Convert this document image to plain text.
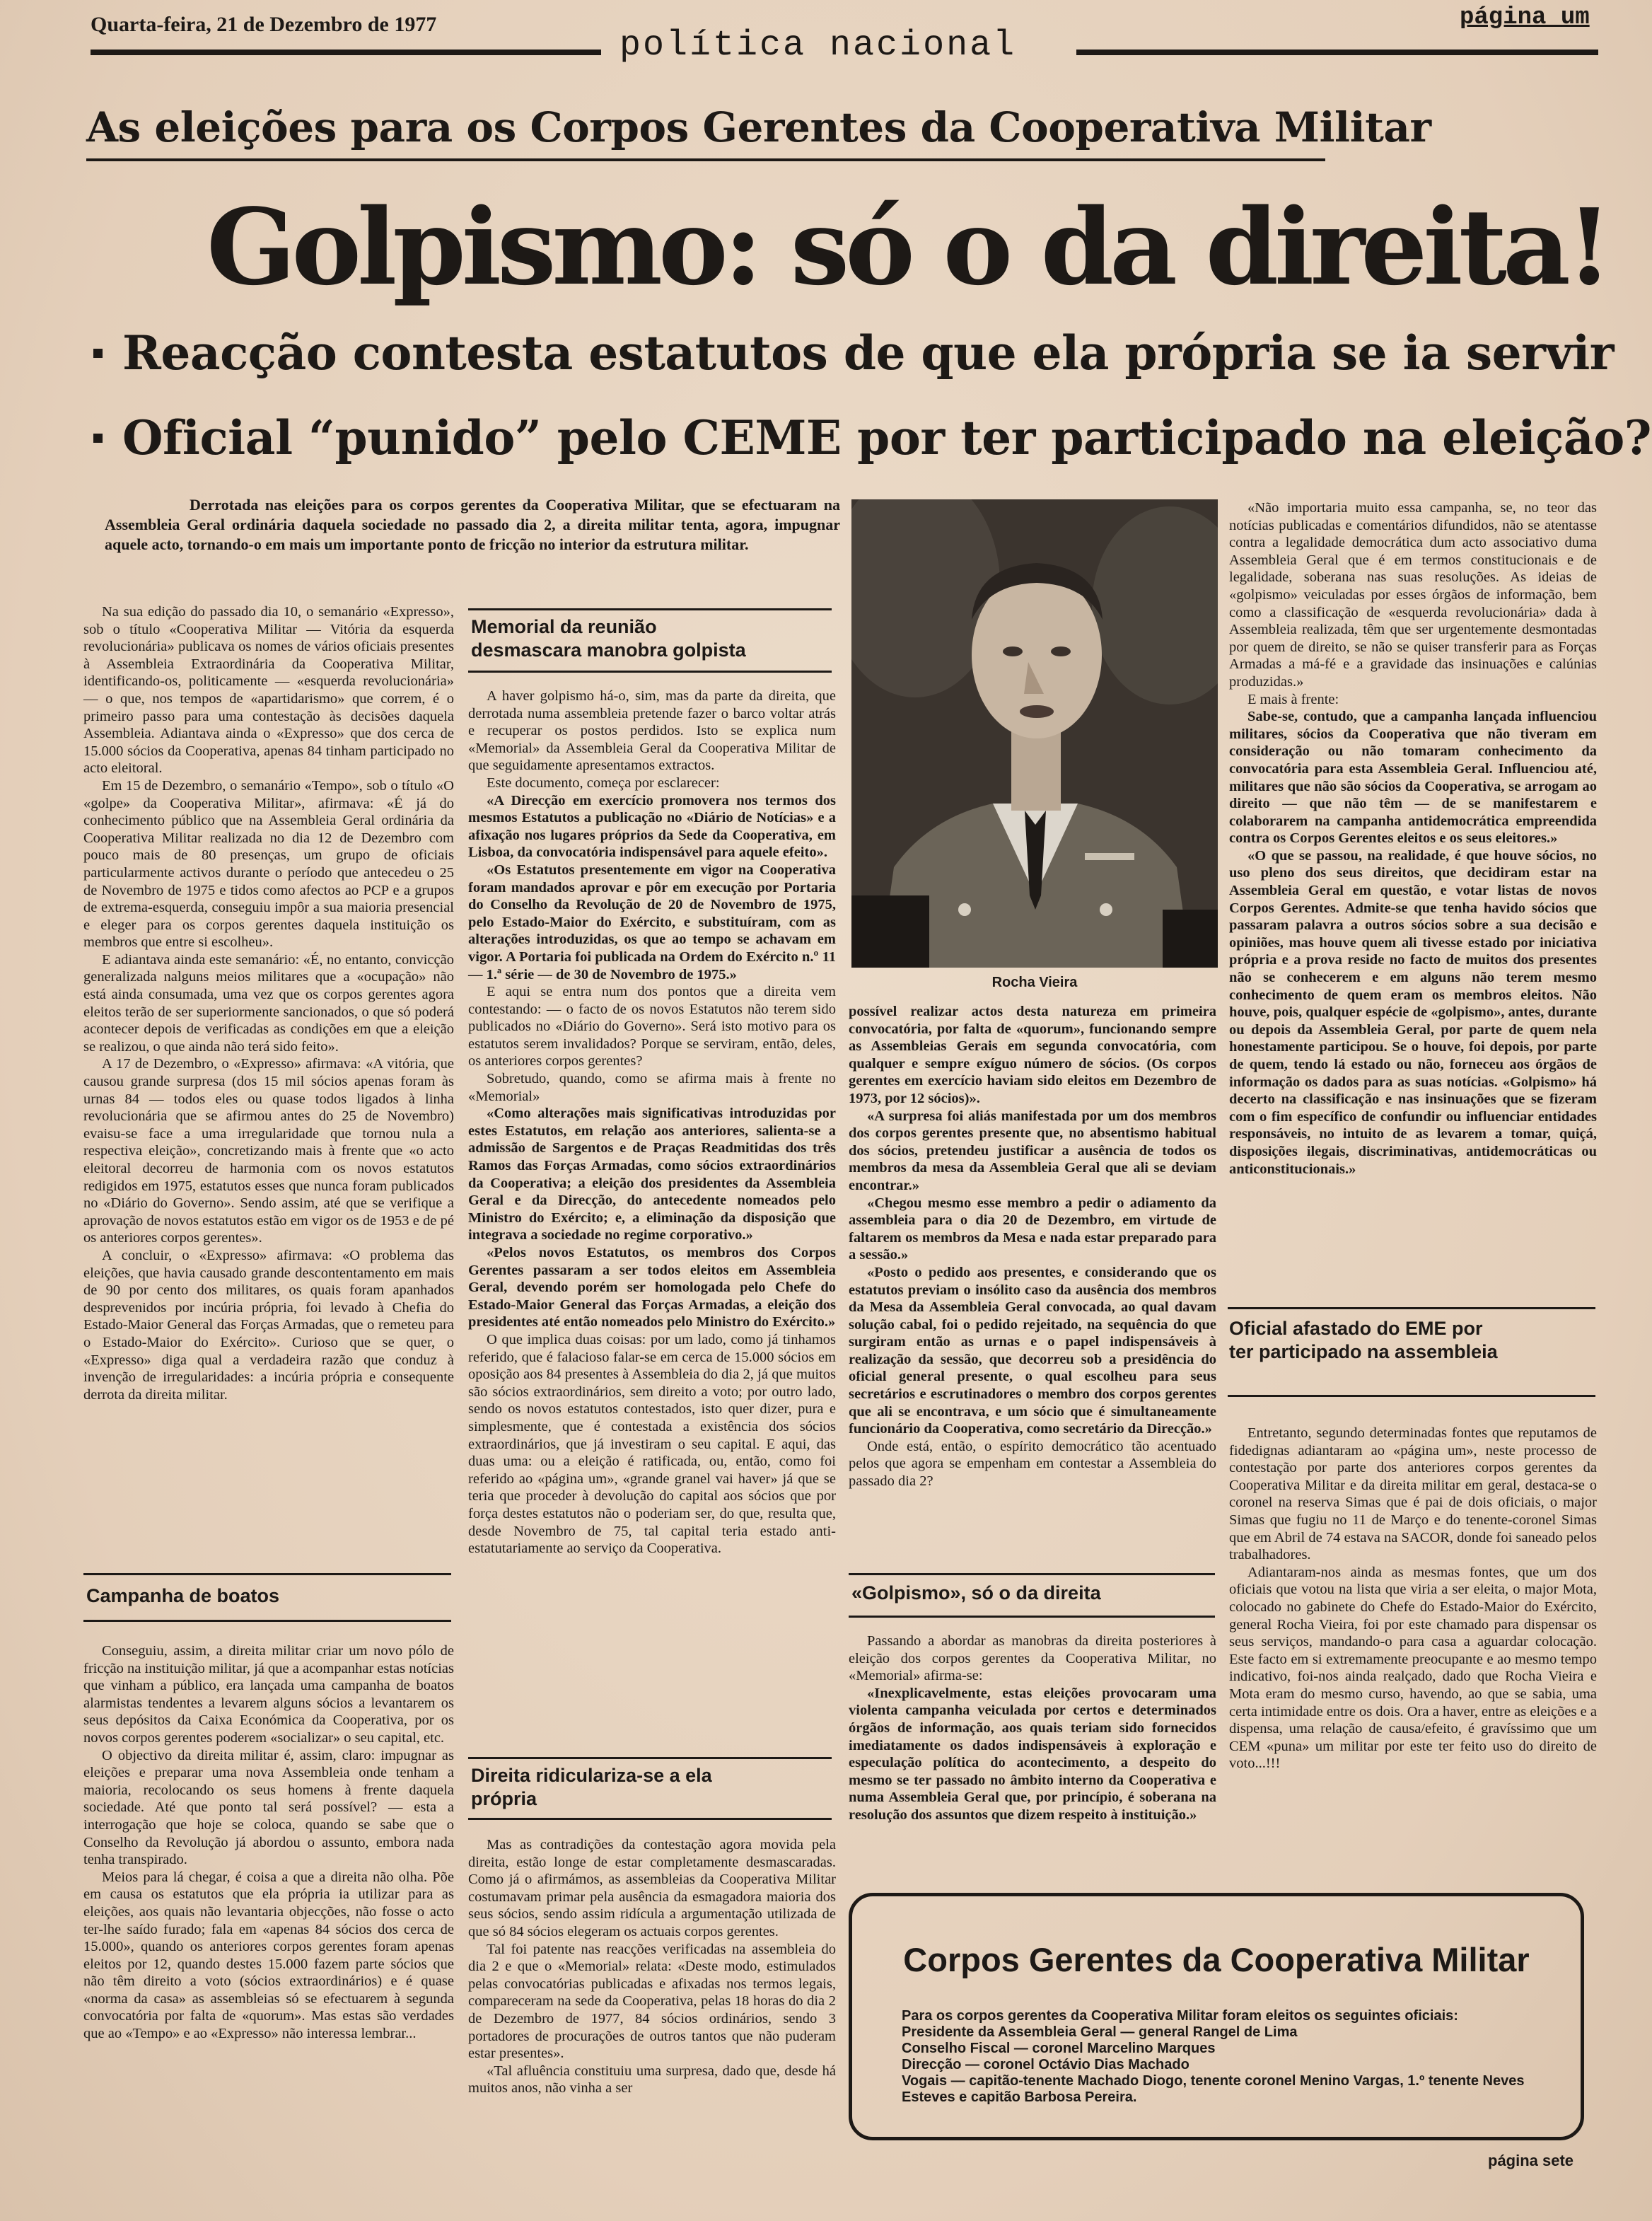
Quarta-feira, 21 de Dezembro de 1977
política nacional
página um
As eleições para os Corpos Gerentes da Cooperativa Militar
Golpismo: só o da direita!
Reacção contesta estatutos de que ela própria se ia servir
Oficial “punido” pelo CEME por ter participado na eleição?
Derrotada nas eleições para os corpos gerentes da Cooperativa Militar, que se efectuaram na Assembleia Geral ordinária daquela sociedade no passado dia 2, a direita militar tenta, agora, impugnar aquele acto, tornando-o em mais um importante ponto de fricção no interior da estrutura militar.

Na sua edição do passado dia 10, o semanário «Expresso», sob o título «Cooperativa Militar — Vitória da esquerda revolucionária» publicava os nomes de vários oficiais presentes à Assembleia Extraordinária da Cooperativa Militar, identificando-os, politicamente — «esquerda revolucionária» — o que, nos tempos de «apartidarismo» que correm, é o primeiro passo para uma contestação às decisões daquela Assembleia. Adiantava ainda o «Expresso» que dos cerca de 15.000 sócios da Cooperativa, apenas 84 tinham participado no acto eleitoral.

Em 15 de Dezembro, o semanário «Tempo», sob o título «O «golpe» da Cooperativa Militar», afirmava: «É já do conhecimento público que na Assembleia Geral ordinária da Cooperativa Militar realizada no dia 12 de Dezembro com pouco mais de 80 presenças, um grupo de oficiais particularmente activos durante o período que antecedeu o 25 de Novembro de 1975 e tidos como afectos ao PCP e a grupos de extrema-esquerda, conseguiu impôr a sua maioria presencial e eleger para os corpos gerentes daquela instituição os membros que entre si escolheu».

E adiantava ainda este semanário: «É, no entanto, convicção generalizada nalguns meios militares que a «ocupação» não está ainda consumada, uma vez que os corpos gerentes agora eleitos terão de ser superiormente sancionados, o que só poderá acontecer depois de verificadas as condições em que a eleição se realizou, o que ainda não terá sido feito».

A 17 de Dezembro, o «Expresso» afirmava: «A vitória, que causou grande surpresa (dos 15 mil sócios apenas foram às urnas 84 — todos eles ou quase todos ligados à linha revolucionária que se afirmou antes do 25 de Novembro) evaisu-se face a uma irregularidade que tornou nula a respectiva eleição», concretizando mais à frente que «o acto eleitoral decorreu de harmonia com os novos estatutos redigidos em 1975, estatutos esses que nunca foram publicados no «Diário do Governo». Sendo assim, até que se verifique a aprovação de novos estatutos estão em vigor os de 1953 e de pé os anteriores corpos gerentes».

A concluir, o «Expresso» afirmava: «O problema das eleições, que havia causado grande descontentamento em mais de 90 por cento dos militares, os quais foram apanhados desprevenidos por incúria própria, foi levado à Chefia do Estado-Maior General das Forças Armadas, que o remeteu para o Estado-Maior do Exército». Curioso que se quer, o «Expresso» diga qual a verdadeira razão que conduz à invenção de irregularidades: a incúria própria e consequente derrota da direita militar.

Campanha de boatos

Conseguiu, assim, a direita militar criar um novo pólo de fricção na instituição militar, já que a acompanhar estas notícias que vinham a público, era lançada uma campanha de boatos alarmistas tendentes a levarem alguns sócios a levantarem os seus depósitos da Caixa Económica da Cooperativa, por os novos corpos gerentes poderem «socializar» o seu capital, etc.

O objectivo da direita militar é, assim, claro: impugnar as eleições e preparar uma nova Assembleia onde tenham a maioria, recolocando os seus homens à frente daquela sociedade. Até que ponto tal será possível? — esta a interrogação que hoje se coloca, quando se sabe que o Conselho da Revolução já abordou o assunto, embora nada tenha transpirado.

Meios para lá chegar, é coisa a que a direita não olha. Põe em causa os estatutos que ela própria ia utilizar para as eleições, aos quais não levantaria objecções, não fosse o acto ter-lhe saído furado; fala em «apenas 84 sócios dos cerca de 15.000», quando os anteriores corpos gerentes foram apenas eleitos por 12, quando destes 15.000 fazem parte sócios que não têm direito a voto (sócios extraordinários) e é quase «norma da casa» as assembleias só se efectuarem à segunda convocatória por falta de «quorum». Mas estas são verdades que ao «Tempo» e ao «Expresso» não interessa lembrar...

Memorial da reunião desmascara manobra golpista

A haver golpismo há-o, sim, mas da parte da direita, que derrotada numa assembleia pretende fazer o barco voltar atrás e recuperar os postos perdidos. Isto se explica num «Memorial» da Assembleia Geral da Cooperativa Militar de que seguidamente apresentamos extractos.

Este documento, começa por esclarecer:

«A Direcção em exercício promovera nos termos dos mesmos Estatutos a publicação no «Diário de Notícias» e a afixação nos lugares próprios da Sede da Cooperativa, em Lisboa, da convocatória indispensável para aquele efeito».

«Os Estatutos presentemente em vigor na Cooperativa foram mandados aprovar e pôr em execução por Portaria do Conselho da Revolução de 20 de Novembro de 1975, pelo Estado-Maior do Exército, e substituíram, com as alterações introduzidas, os que ao tempo se achavam em vigor. A Portaria foi publicada na Ordem do Exército n.º 11 — 1.ª série — de 30 de Novembro de 1975.»

E aqui se entra num dos pontos que a direita vem contestando: — o facto de os novos Estatutos não terem sido publicados no «Diário do Governo». Será isto motivo para os estatutos serem invalidados? Porque se serviram, então, deles, os anteriores corpos gerentes?

Sobretudo, quando, como se afirma mais à frente no «Memorial»

«Como alterações mais significativas introduzidas por estes Estatutos, em relação aos anteriores, salienta-se a admissão de Sargentos e de Praças Readmitidas dos três Ramos das Forças Armadas, como sócios extraordinários da Cooperativa; a eleição dos presidentes da Assembleia Geral e da Direcção, do antecedente nomeados pelo Ministro do Exército; e, a eliminação da disposição que integrava a sociedade no regime corporativo.»

«Pelos novos Estatutos, os membros dos Corpos Gerentes passaram a ser todos eleitos em Assembleia Geral, devendo porém ser homologada pelo Chefe do Estado-Maior General das Forças Armadas, a eleição dos presidentes até então nomeados pelo Ministro do Exército.»

O que implica duas coisas: por um lado, como já tinhamos referido, que é falacioso falar-se em cerca de 15.000 sócios em oposição aos 84 presentes à Assembleia do dia 2, já que muitos são sócios extraordinários, sem direito a voto; por outro lado, sendo os novos estatutos contestados, isto quer dizer, pura e simplesmente, que é contestada a existência dos sócios extraordinários, que já investiram o seu capital. E aqui, das duas uma: ou a eleição é ratificada, ou, então, como foi referido ao «página um», «grande granel vai haver» já que se teria que proceder à devolução do capital aos sócios que por força destes estatutos não o poderiam ser, do que, resulta que, desde Novembro de 75, tal capital teria estado anti-estatutariamente ao serviço da Cooperativa.

Direita ridiculariza-se a ela própria

Mas as contradições da contestação agora movida pela direita, estão longe de estar completamente desmascaradas. Como já o afirmámos, as assembleias da Cooperativa Militar costumavam primar pela ausência da esmagadora maioria dos seus sócios, sendo assim ridícula a argumentação utilizada de que só 84 sócios elegeram os actuais corpos gerentes.

Tal foi patente nas reacções verificadas na assembleia do dia 2 e que o «Memorial» relata: «Deste modo, estimulados pelas convocatórias publicadas e afixadas nos termos legais, compareceram na sede da Cooperativa, pelas 18 horas do dia 2 de Dezembro de 1977, 84 sócios ordinários, sendo 3 portadores de procurações de outros tantos que não puderam estar presentes».

«Tal afluência constituiu uma surpresa, dado que, desde há muitos anos, não vinha a ser

Rocha Vieira

possível realizar actos desta natureza em primeira convocatória, por falta de «quorum», funcionando sempre as Assembleias Gerais em segunda convocatória, com qualquer e sempre exíguo número de sócios. (Os corpos gerentes em exercício haviam sido eleitos em Dezembro de 1973, por 12 sócios)».

«A surpresa foi aliás manifestada por um dos membros dos corpos gerentes presente que, no absentismo habitual dos sócios, pretendeu justificar a ausência de todos os membros da mesa da Assembleia Geral que ali se deviam encontrar.»

«Chegou mesmo esse membro a pedir o adiamento da assembleia para o dia 20 de Dezembro, em virtude de faltarem os membros da Mesa e nada estar preparado para a sessão.»

«Posto o pedido aos presentes, e considerando que os estatutos previam o insólito caso da ausência dos membros da Mesa da Assembleia Geral convocada, ao qual davam solução cabal, foi o pedido rejeitado, na sequência do que surgiram então as urnas e o papel indispensáveis à realização da sessão, que decorreu sob a presidência do oficial general presente, o qual escolheu para seus secretários e escrutinadores o membro dos corpos gerentes que ali se encontrava, e um sócio que é simultaneamente funcionário da Cooperativa, como secretário da Direcção.»

Onde está, então, o espírito democrático tão acentuado pelos que agora se empenham em contestar a Assembleia do passado dia 2?

«Golpismo», só o da direita

Passando a abordar as manobras da direita posteriores à eleição dos corpos gerentes da Cooperativa Militar, no «Memorial» afirma-se:

«Inexplicavelmente, estas eleições provocaram uma violenta campanha veiculada por certos e determinados órgãos de informação, aos quais teriam sido fornecidos imediatamente os dados indispensáveis à exploração e especulação política do acontecimento, a despeito do mesmo se ter passado no âmbito interno da Cooperativa e numa Assembleia Geral que, por princípio, é soberana na resolução dos assuntos que dizem respeito à instituição.»

«Não importaria muito essa campanha, se, no teor das notícias publicadas e comentários difundidos, não se atentasse contra a legalidade democrática dum acto associativo duma Assembleia Geral que é em termos constitucionais e de legalidade, soberana nas suas resoluções. As ideias de «golpismo» veiculadas por esses órgãos de informação, bem como a classificação de «esquerda revolucionária» dada à Assembleia realizada, têm que ser urgentemente desmontadas por quem de direito, se não se quiser transferir para as Forças Armadas a má-fé e a gravidade das insinuações e calúnias produzidas.»

E mais à frente:

Sabe-se, contudo, que a campanha lançada influenciou militares, sócios da Cooperativa que não tiveram em consideração ou não tomaram conhecimento da convocatória para esta Assembleia Geral. Influenciou até, militares que não são sócios da Cooperativa, se arrogam ao direito — que não têm — de se manifestarem e colaborarem na campanha antidemocrática empreendida contra os Corpos Gerentes eleitos e os seus eleitores.»

«O que se passou, na realidade, é que houve sócios, no uso pleno dos seus direitos, que decidiram estar na Assembleia Geral em questão, e votar listas de novos Corpos Gerentes. Admite-se que tenha havido sócios que passaram palavra a outros sócios sobre a sua decisão e opiniões, mas houve quem ali tivesse estado por iniciativa própria e a prova reside no facto de muitos dos presentes não se conhecerem e em alguns não terem mesmo conhecimento de quem eram os membros eleitos. Não houve, pois, qualquer espécie de «golpismo», antes, durante ou depois da Assembleia Geral, por parte de quem nela honestamente participou. Se o houve, foi depois, por parte de quem, tendo lá estado ou não, forneceu aos órgãos de informação os dados para as suas notícias. «Golpismo» há decerto na classificação e nas insinuações que se fizeram com o fim específico de confundir ou influenciar entidades responsáveis, no intuito de as levarem a tomar, quiçá, disposições ilegais, discriminativas, antidemocráticas ou anticonstitucionais.»

Oficial afastado do EME por ter participado na assembleia

Entretanto, segundo determinadas fontes que reputamos de fidedignas adiantaram ao «página um», neste processo de contestação por parte dos anteriores corpos gerentes da Cooperativa Militar e da direita militar em geral, destaca-se o coronel na reserva Simas que é pai de dois oficiais, o major Simas que fugiu no 11 de Março e do tenente-coronel Simas que em Abril de 74 estava na SACOR, donde foi saneado pelos trabalhadores.

Adiantaram-nos ainda as mesmas fontes, que um dos oficiais que votou na lista que viria a ser eleita, o major Mota, colocado no gabinete do Chefe do Estado-Maior do Exército, general Rocha Vieira, foi por este chamado para dispensar os seus serviços, mandando-o para casa a aguardar colocação. Este facto em si extremamente preocupante e ao mesmo tempo indicativo, foi-nos ainda realçado, dado que Rocha Vieira e Mota eram do mesmo curso, havendo, ao que se sabia, uma certa intimidade entre os dois. Ora a haver, entre as eleições e a dispensa, uma relação de causa/efeito, é gravíssimo que um CEM «puna» um militar por este ter feito uso do direito de voto...!!!

Corpos Gerentes da Cooperativa Militar
Para os corpos gerentes da Cooperativa Militar foram eleitos os seguintes oficiais:
Presidente da Assembleia Geral — general Rangel de Lima
Conselho Fiscal — coronel Marcelino Marques
Direcção — coronel Octávio Dias Machado
Vogais — capitão-tenente Machado Diogo, tenente coronel Menino Vargas, 1.º tenente Neves Esteves e capitão Barbosa Pereira.
página sete
